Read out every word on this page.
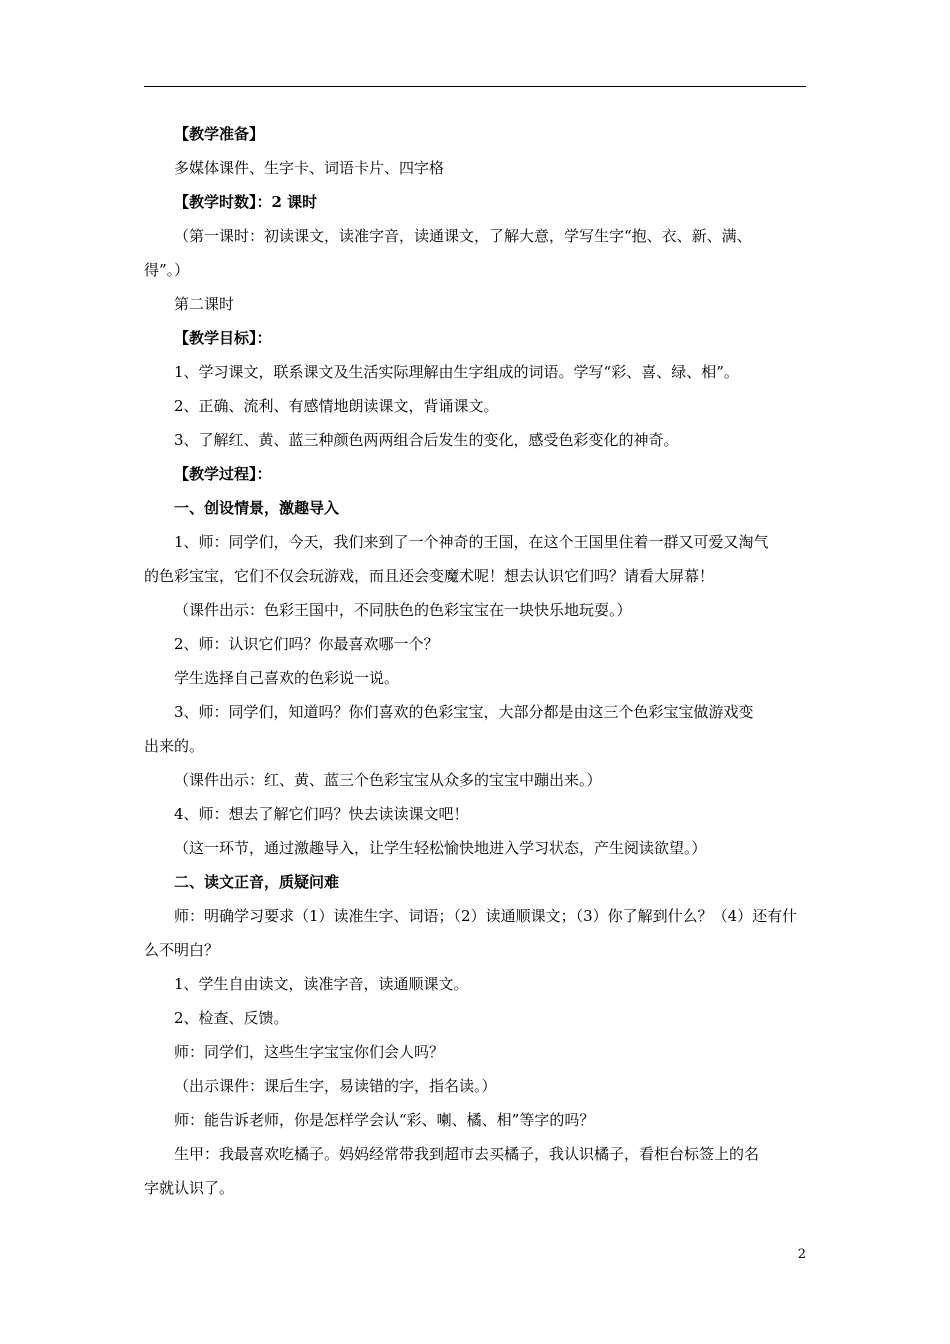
【教学准备】
多媒体课件、生字卡、词语卡片、四字格
【教学时数】：2 课时
（第一课时：初读课文，读准字音，读通课文，了解大意，学写生字“抱、衣、新、满、
得”。）
第二课时
【教学目标】：
1、学习课文，联系课文及生活实际理解由生字组成的词语。学写“彩、喜、绿、相”。
2、正确、流利、有感情地朗读课文，背诵课文。
3、了解红、黄、蓝三种颜色两两组合后发生的变化，感受色彩变化的神奇。
【教学过程】：
一、创设情景，激趣导入
1、师：同学们，今天，我们来到了一个神奇的王国，在这个王国里住着一群又可爱又淘气
的色彩宝宝，它们不仅会玩游戏，而且还会变魔术呢！想去认识它们吗？请看大屏幕！
（课件出示：色彩王国中，不同肤色的色彩宝宝在一块快乐地玩耍。）
2、师：认识它们吗？你最喜欢哪一个？
学生选择自己喜欢的色彩说一说。
3、师：同学们，知道吗？你们喜欢的色彩宝宝，大部分都是由这三个色彩宝宝做游戏变
出来的。
（课件出示：红、黄、蓝三个色彩宝宝从众多的宝宝中蹦出来。）
4、师：想去了解它们吗？快去读读课文吧！
（这一环节，通过激趣导入，让学生轻松愉快地进入学习状态，产生阅读欲望。）
二、读文正音，质疑问难
师：明确学习要求（1）读准生字、词语；（2）读通顺课文；（3）你了解到什么？（4）还有什
么不明白？
1、学生自由读文，读准字音，读通顺课文。
2、检查、反馈。
师：同学们，这些生字宝宝你们会人吗？
（出示课件：课后生字，易读错的字，指名读。）
师：能告诉老师，你是怎样学会认“彩、喇、橘、相”等字的吗？
生甲：我最喜欢吃橘子。妈妈经常带我到超市去买橘子，我认识橘子，看柜台标签上的名
字就认识了。
2
